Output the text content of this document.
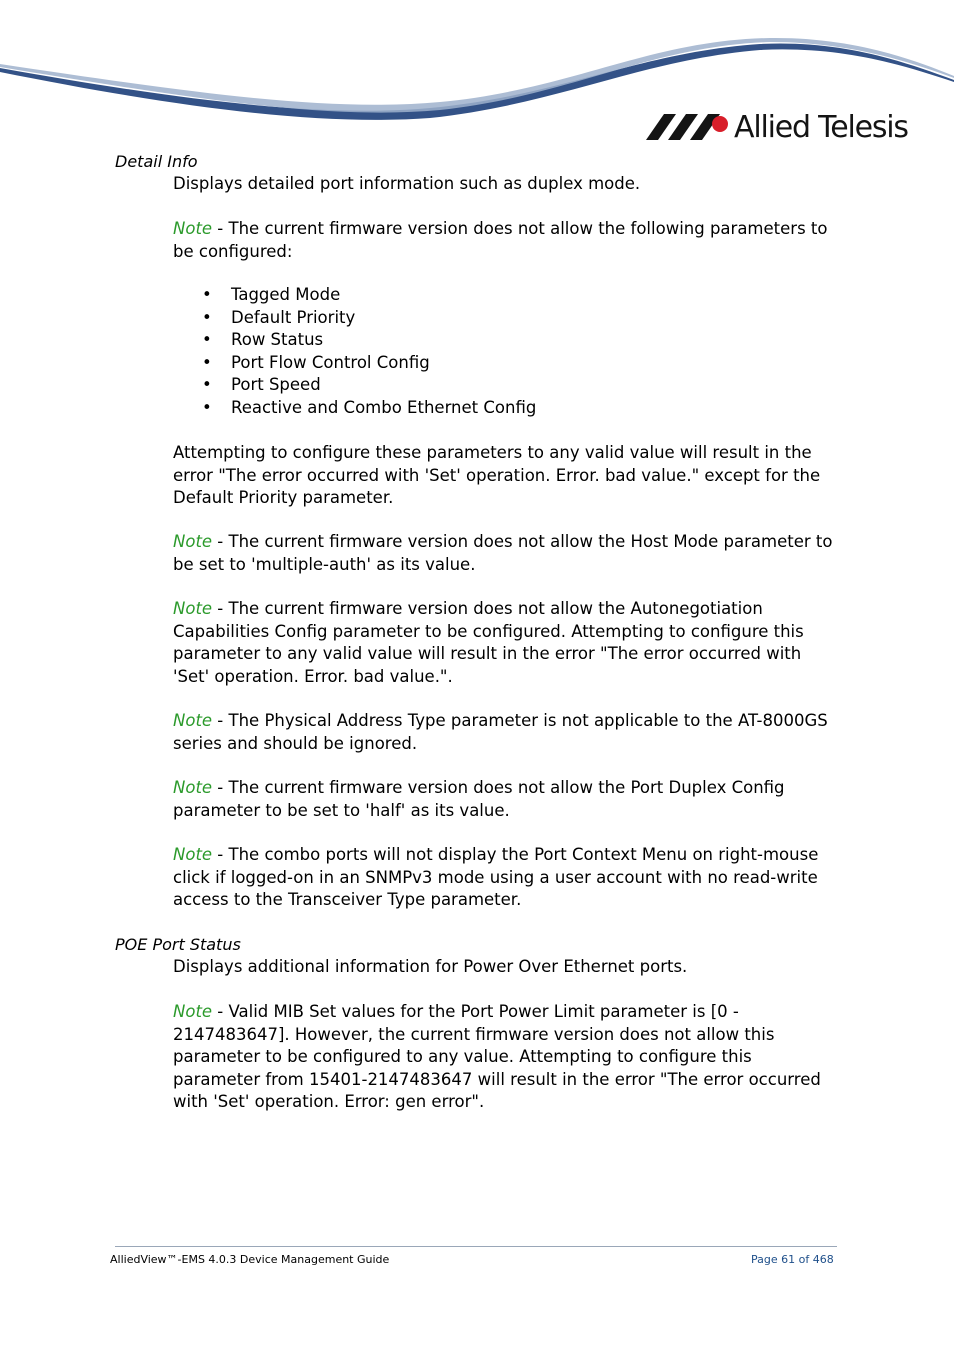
Allied Telesis
Detail Info

Displays detailed port information such as duplex mode.

Note - The current firmware version does not allow the following parameters to be configured:

• Tagged Mode
• Default Priority
• Row Status
• Port Flow Control Config
• Port Speed
• Reactive and Combo Ethernet Config

Attempting to configure these parameters to any valid value will result in the error "The error occurred with 'Set' operation. Error. bad value." except for the Default Priority parameter.

Note - The current firmware version does not allow the Host Mode parameter to be set to 'multiple-auth' as its value.

Note - The current firmware version does not allow the Autonegotiation Capabilities Config parameter to be configured. Attempting to configure this parameter to any valid value will result in the error "The error occurred with 'Set' operation. Error. bad value.".

Note - The Physical Address Type parameter is not applicable to the AT-8000GS series and should be ignored.

Note - The current firmware version does not allow the Port Duplex Config parameter to be set to 'half' as its value.

Note - The combo ports will not display the Port Context Menu on right-mouse click if logged-on in an SNMPv3 mode using a user account with no read-write access to the Transceiver Type parameter.

POE Port Status

Displays additional information for Power Over Ethernet ports.

Note - Valid MIB Set values for the Port Power Limit parameter is [0 - 2147483647]. However, the current firmware version does not allow this parameter to be configured to any value. Attempting to configure this parameter from 15401-2147483647 will result in the error "The error occurred with 'Set' operation. Error: gen error".

AlliedView™-EMS 4.0.3 Device Management Guide	Page 61 of 468
